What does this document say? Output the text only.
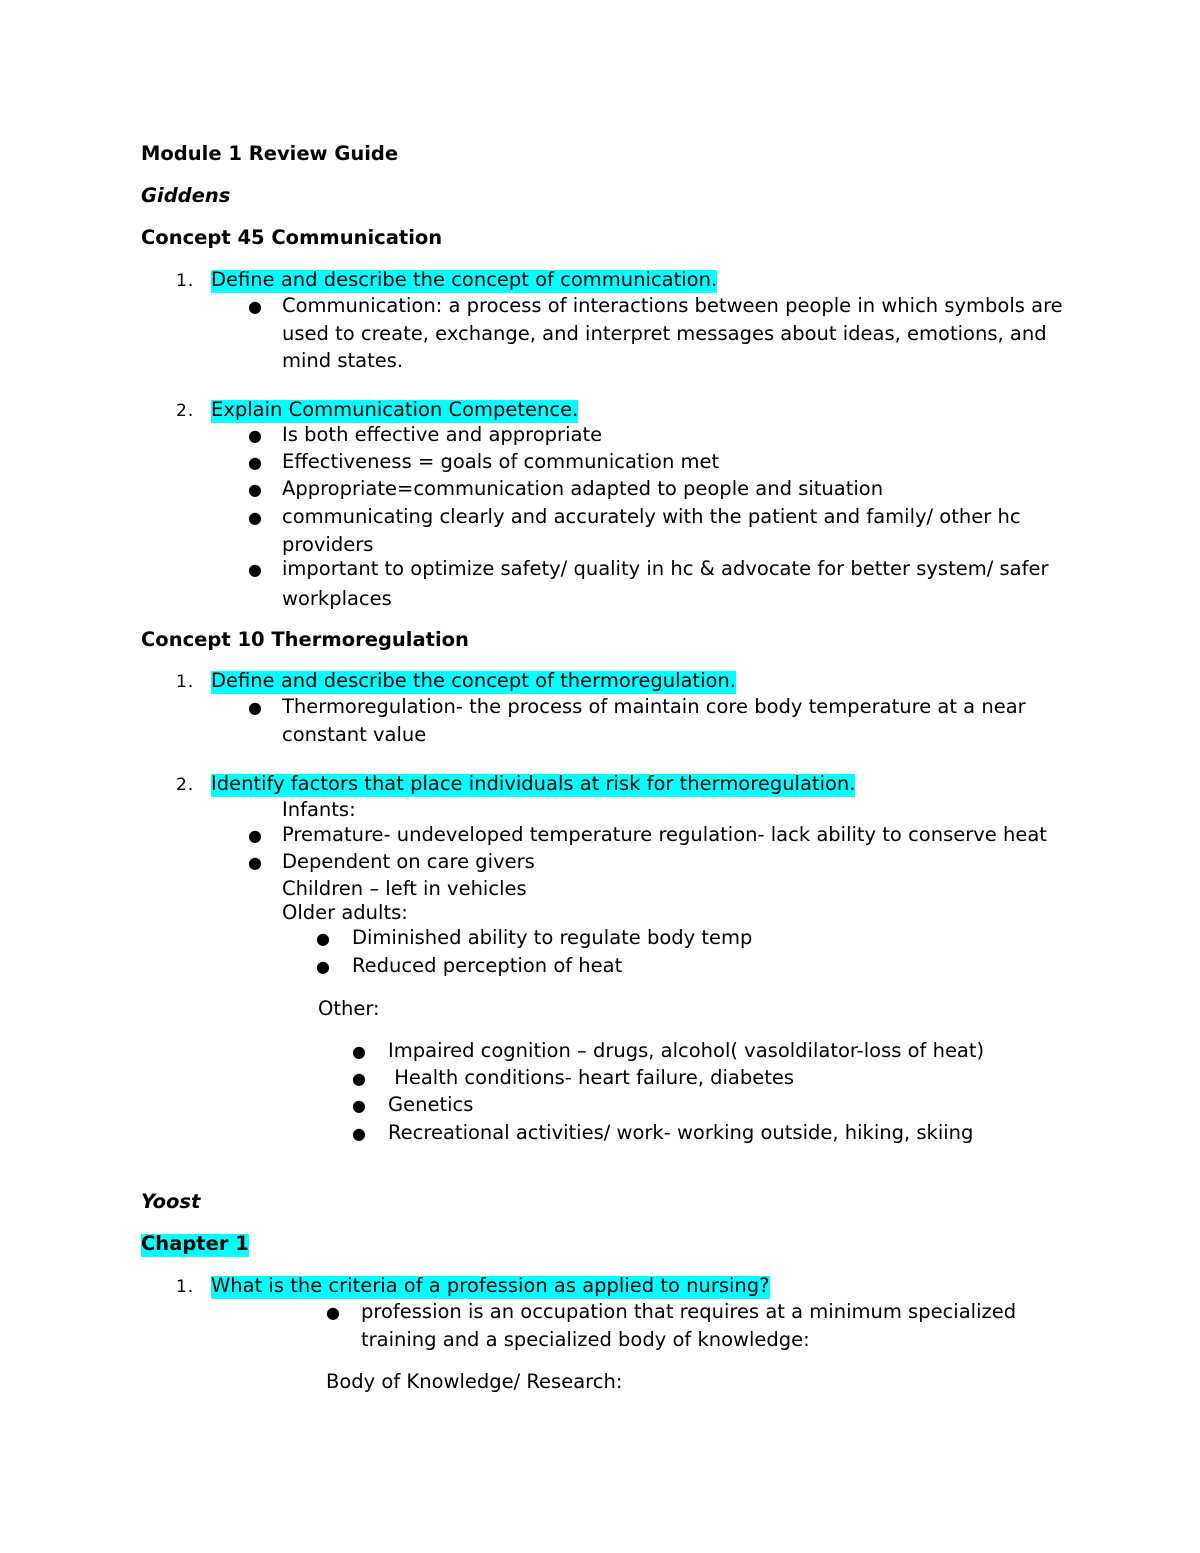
Module 1 Review Guide
Giddens
Concept 45 Communication
1. Define and describe the concept of communication.
● Communication: a process of interactions between people in which symbols are
used to create, exchange, and interpret messages about ideas, emotions, and
mind states.
2. Explain Communication Competence.
● Is both effective and appropriate
● Effectiveness = goals of communication met
● Appropriate=communication adapted to people and situation
● communicating clearly and accurately with the patient and family/ other hc
providers
● important to optimize safety/ quality in hc & advocate for better system/ safer
workplaces
Concept 10 Thermoregulation
1. Define and describe the concept of thermoregulation.
● Thermoregulation- the process of maintain core body temperature at a near
constant value
2. Identify factors that place individuals at risk for thermoregulation.
Infants:
● Premature- undeveloped temperature regulation- lack ability to conserve heat
● Dependent on care givers
Children – left in vehicles
Older adults:
● Diminished ability to regulate body temp
● Reduced perception of heat
Other:
● Impaired cognition – drugs, alcohol( vasoldilator-loss of heat)
● Health conditions- heart failure, diabetes
● Genetics
● Recreational activities/ work- working outside, hiking, skiing
Yoost
Chapter 1
1. What is the criteria of a profession as applied to nursing?
● profession is an occupation that requires at a minimum specialized
training and a specialized body of knowledge:
Body of Knowledge/ Research:
